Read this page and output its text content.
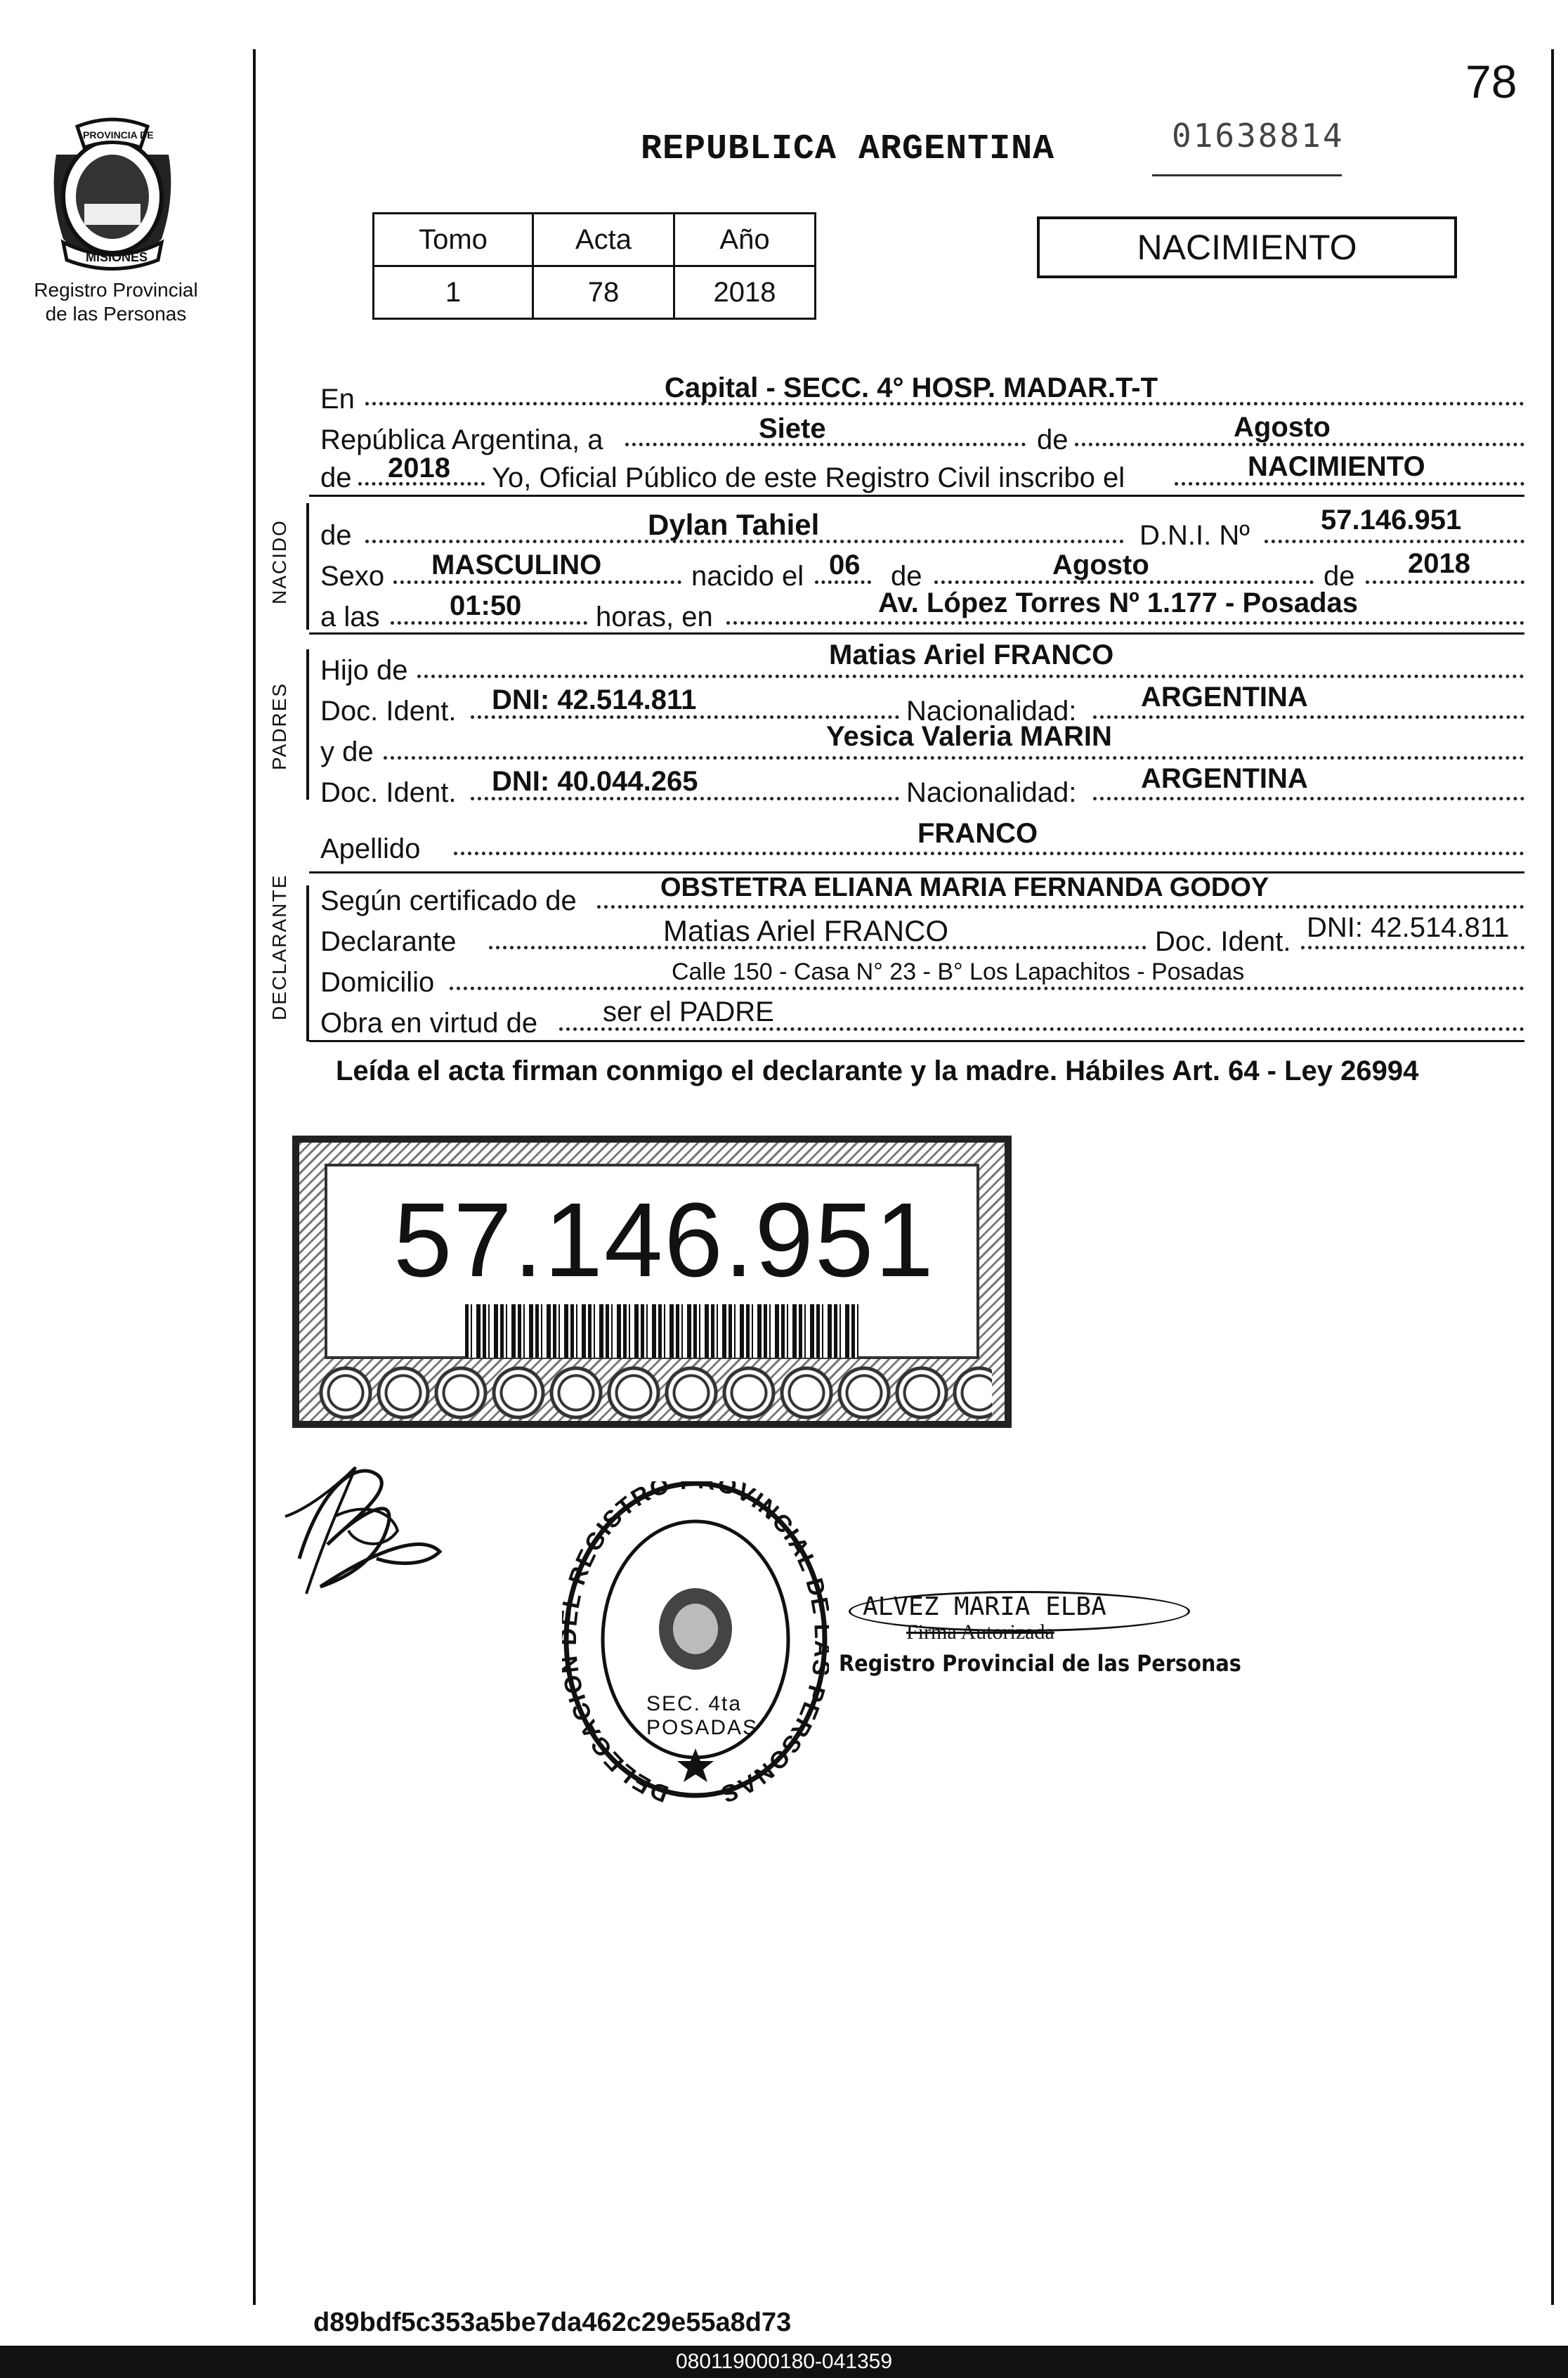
PROVINCIA DE
MISIONES
Registro Provincial
de las Personas
78
REPUBLICA ARGENTINA	01638814
Tomo	Acta	Año
1	78	2018
NACIMIENTO
En	Capital - SECC. 4° HOSP. MADAR.T-T
República Argentina, a	Siete	de	Agosto
de 2018 Yo, Oficial Público de este Registro Civil inscribo el	NACIMIENTO
NACIDO de	Dylan Tahiel	D.N.I. Nº	57.146.951
Sexo MASCULINO	nacido el 06 de	Agosto	de 2018
a las 01:50	horas, en	Av. López Torres Nº 1.177 - Posadas
PADRES
Hijo de	Matias Ariel FRANCO
Doc. Ident. DNI: 42.514.811	Nacionalidad: ARGENTINA
y de	Yesica Valeria MARIN
Doc. Ident. DNI: 40.044.265	Nacionalidad: ARGENTINA
Apellido	FRANCO
DECLARANTE Según certificado de	OBSTETRA ELIANA MARIA FERNANDA GODOY
Declarante	Matias Ariel FRANCO	Doc. Ident. DNI: 42.514.811
Domicilio	Calle 150 - Casa N° 23 - B° Los Lapachitos - Posadas
Obra en virtud de ser el PADRE
Leída el acta firman conmigo el declarante y la madre. Hábiles Art. 64 - Ley 26994
57.146.951
DELEGACI REGISTRO ROVINCIAL D PERSONAS
SEC. 4ta POSADAS
ALVEZ MARIA ELBA
Firma Autorizada
Registro Provincial de las Personas
d89bdf5c353a5be7da462c29e55a8d73
080119000180-041359
